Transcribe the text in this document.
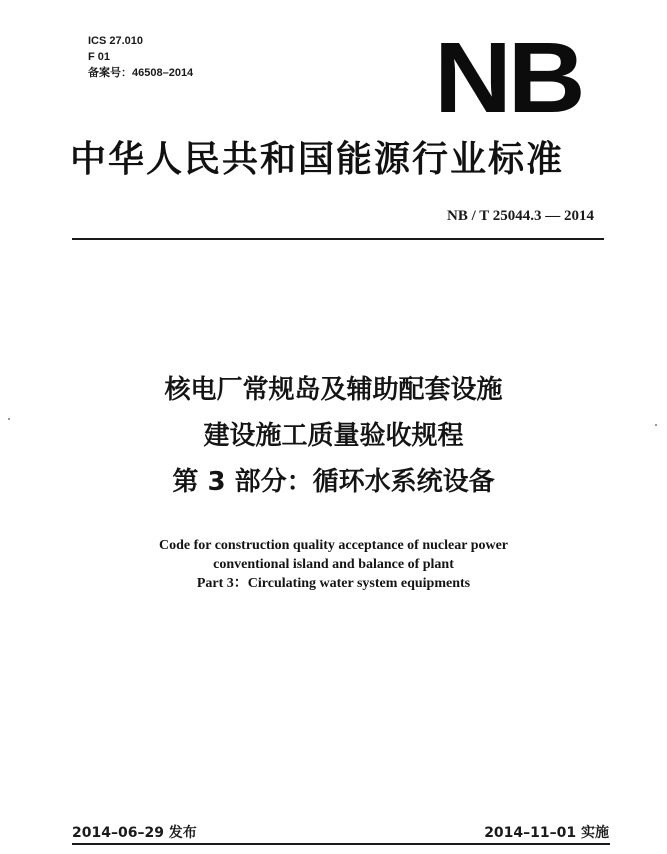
ICS 27.010
F 01
备案号：46508–2014 NB
中华人民共和国能源行业标准
NB / T 25044.3 — 2014
核电厂常规岛及辅助配套设施
建设施工质量验收规程
第 3 部分：循环水系统设备
Code for construction quality acceptance of nuclear power
conventional island and balance of plant
Part 3：Circulating water system equipments
2014–06–29 发布	2014–11–01 实施
